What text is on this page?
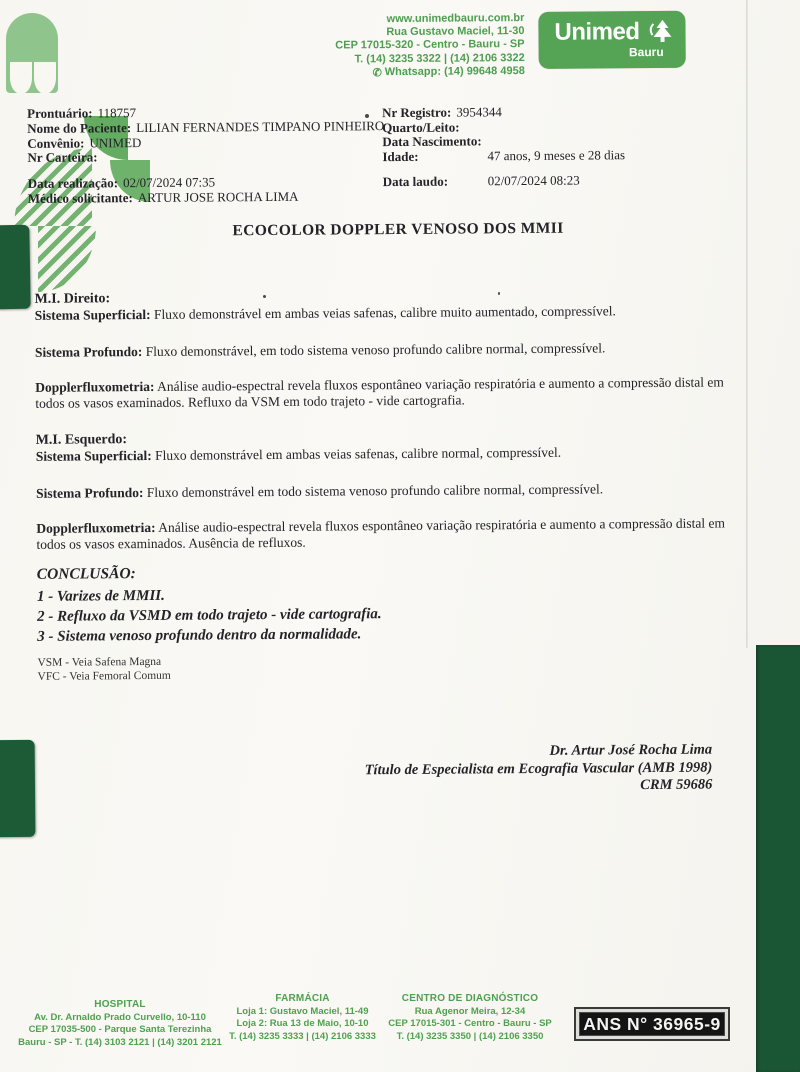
www.unimedbauru.com.br
Rua Gustavo Maciel, 11-30
CEP 17015-320 - Centro - Bauru - SP
T. (14) 3235 3322 | (14) 2106 3322
✆ Whatsapp: (14) 99648 4958
Unimed
Bauru
Prontuário: 118757
Nome do Paciente: LILIAN FERNANDES TIMPANO PINHEIRO
Convênio: UNIMED
Nr Carteira:
Data realização: 02/07/2024 07:35
Médico solicitante: ARTUR JOSE ROCHA LIMA
Nr Registro: 3954344
Quarto/Leito:
Data Nascimento:
Idade:	47 anos, 9 meses e 28 dias
Data laudo:	02/07/2024 08:23
ECOCOLOR DOPPLER VENOSO DOS MMII
M.I. Direito:

Sistema Superficial: Fluxo demonstrável em ambas veias safenas, calibre muito aumentado, compressível.

Sistema Profundo: Fluxo demonstrável, em todo sistema venoso profundo calibre normal, compressível.

Dopplerfluxometria: Análise audio-espectral revela fluxos espontâneo variação respiratória e aumento a compressão distal em todos os vasos examinados. Refluxo da VSM em todo trajeto - vide cartografia.

M.I. Esquerdo:

Sistema Superficial: Fluxo demonstrável em ambas veias safenas, calibre normal, compressível.

Sistema Profundo: Fluxo demonstrável em todo sistema venoso profundo calibre normal, compressível.

Dopplerfluxometria: Análise audio-espectral revela fluxos espontâneo variação respiratória e aumento a compressão distal em todos os vasos examinados. Ausência de refluxos.

CONCLUSÃO:
1 - Varizes de MMII.
2 - Refluxo da VSMD em todo trajeto - vide cartografia.
3 - Sistema venoso profundo dentro da normalidade.
VSM - Veia Safena Magna
VFC - Veia Femoral Comum
Dr. Artur José Rocha Lima
Título de Especialista em Ecografia Vascular (AMB 1998)
CRM 59686
HOSPITAL
Av. Dr. Arnaldo Prado Curvello, 10-110
CEP 17035-500 - Parque Santa Terezinha
Bauru - SP - T. (14) 3103 2121 | (14) 3201 2121
FARMÁCIA
Loja 1: Gustavo Maciel, 11-49
Loja 2: Rua 13 de Maio, 10-10
T. (14) 3235 3333 | (14) 2106 3333
CENTRO DE DIAGNÓSTICO
Rua Agenor Meira, 12-34
CEP 17015-301 - Centro - Bauru - SP
T. (14) 3235 3350 | (14) 2106 3350
ANS N° 36965-9
